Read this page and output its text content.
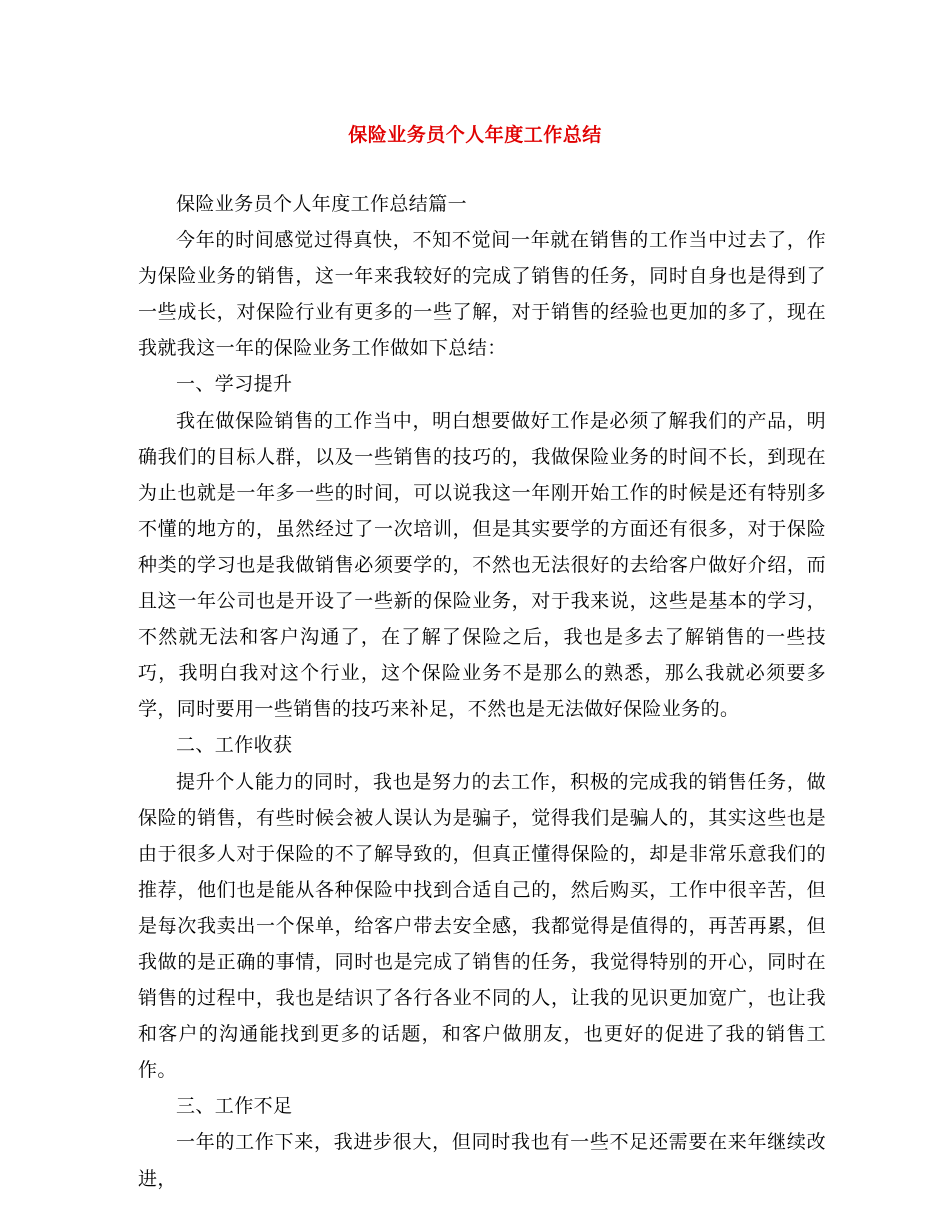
保险业务员个人年度工作总结

保险业务员个人年度工作总结篇一

今年的时间感觉过得真快，不知不觉间一年就在销售的工作当中过去了，作为保险业务的销售，这一年来我较好的完成了销售的任务，同时自身也是得到了一些成长，对保险行业有更多的一些了解，对于销售的经验也更加的多了，现在我就我这一年的保险业务工作做如下总结：

一、学习提升

我在做保险销售的工作当中，明白想要做好工作是必须了解我们的产品，明确我们的目标人群，以及一些销售的技巧的，我做保险业务的时间不长，到现在为止也就是一年多一些的时间，可以说我这一年刚开始工作的时候是还有特别多不懂的地方的，虽然经过了一次培训，但是其实要学的方面还有很多，对于保险种类的学习也是我做销售必须要学的，不然也无法很好的去给客户做好介绍，而且这一年公司也是开设了一些新的保险业务，对于我来说，这些是基本的学习，不然就无法和客户沟通了，在了解了保险之后，我也是多去了解销售的一些技巧，我明白我对这个行业，这个保险业务不是那么的熟悉，那么我就必须要多学，同时要用一些销售的技巧来补足，不然也是无法做好保险业务的。

二、工作收获

提升个人能力的同时，我也是努力的去工作，积极的完成我的销售任务，做保险的销售，有些时候会被人误认为是骗子，觉得我们是骗人的，其实这些也是由于很多人对于保险的不了解导致的，但真正懂得保险的，却是非常乐意我们的推荐，他们也是能从各种保险中找到合适自己的，然后购买，工作中很辛苦，但是每次我卖出一个保单，给客户带去安全感，我都觉得是值得的，再苦再累，但我做的是正确的事情，同时也是完成了销售的任务，我觉得特别的开心，同时在销售的过程中，我也是结识了各行各业不同的人，让我的见识更加宽广，也让我和客户的沟通能找到更多的话题，和客户做朋友，也更好的促进了我的销售工作。

三、工作不足

一年的工作下来，我进步很大，但同时我也有一些不足还需要在来年继续改进，
